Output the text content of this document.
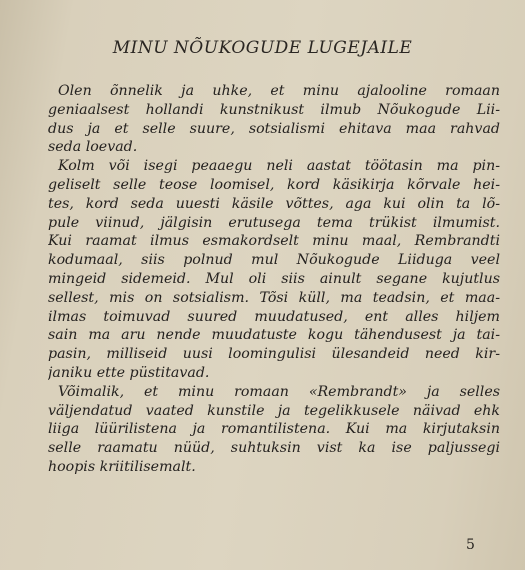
MINU NÕUKOGUDE LUGEJAILE
Olen õnnelik ja uhke, et minu ajalooline romaan
geniaalsest hollandi kunstnikust ilmub Nõukogude Lii-
dus ja et selle suure, sotsialismi ehitava maa rahvad
seda loevad.
Kolm või isegi peaaegu neli aastat töötasin ma pin-
geliselt selle teose loomisel, kord käsikirja kõrvale hei-
tes, kord seda uuesti käsile võttes, aga kui olin ta lõ-
pule viinud, jälgisin erutusega tema trükist ilmumist.
Kui raamat ilmus esmakordselt minu maal, Rembrandti
kodumaal, siis polnud mul Nõukogude Liiduga veel
mingeid sidemeid. Mul oli siis ainult segane kujutlus
sellest, mis on sotsialism. Tõsi küll, ma teadsin, et maa-
ilmas toimuvad suured muudatused, ent alles hiljem
sain ma aru nende muudatuste kogu tähendusest ja tai-
pasin, milliseid uusi loomingulisi ülesandeid need kir-
janiku ette püstitavad.
Võimalik, et minu romaan «Rembrandt» ja selles
väljendatud vaated kunstile ja tegelikkusele näivad ehk
liiga lüürilistena ja romantilistena. Kui ma kirjutaksin
selle raamatu nüüd, suhtuksin vist ka ise paljussegi
hoopis kriitilisemalt.
5
